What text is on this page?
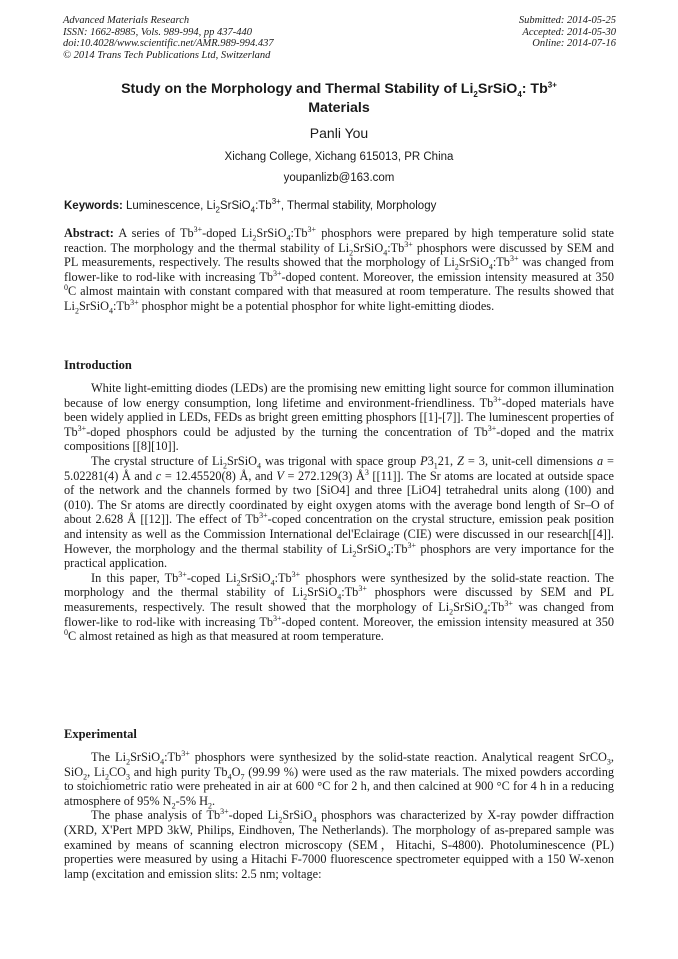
Advanced Materials Research
ISSN: 1662-8985, Vols. 989-994, pp 437-440
doi:10.4028/www.scientific.net/AMR.989-994.437
© 2014 Trans Tech Publications Ltd, Switzerland
Submitted: 2014-05-25
Accepted: 2014-05-30
Online: 2014-07-16
Study on the Morphology and Thermal Stability of $Li_2SrSiO_4$: $Tb^{3+}$
Materials
Panli You
Xichang College, Xichang 615013, PR China
youpanlizb@163.com
Keywords: Luminescence, $Li_2SrSiO_4:Tb^{3+}$, Thermal stability, Morphology

Abstract: A series of $Tb^{3+}$-doped $Li_2SrSiO_4:Tb^{3+}$ phosphors were prepared by high temperature solid state reaction. The morphology and the thermal stability of $Li_2SrSiO_4:Tb^{3+}$ phosphors were discussed by SEM and PL measurements, respectively. The results showed that the morphology of $Li_2SrSiO_4:Tb^{3+}$ was changed from flower-like to rod-like with increasing $Tb^{3+}$-doped content. Moreover, the emission intensity measured at 350 $^0$C almost maintain with constant compared with that measured at room temperature. The results showed that $Li_2SrSiO_4:Tb^{3+}$ phosphor might be a potential phosphor for white light-emitting diodes.

Introduction

White light-emitting diodes (LEDs) are the promising new emitting light source for common illumination because of low energy consumption, long lifetime and environment-friendliness. $Tb^{3+}$-doped materials have been widely applied in LEDs, FEDs as bright green emitting phosphors [[1]-[7]]. The luminescent properties of $Tb^{3+}$-doped phosphors could be adjusted by the turning the concentration of $Tb^{3+}$-doped and the matrix compositions [[8][10]].

The crystal structure of $Li_2SrSiO_4$ was trigonal with space group $P3_121$, Z = 3, unit-cell dimensions a = 5.02281(4) Å and c = 12.45520(8) Å, and V = 272.129(3) $Å^3$ [[11]]. The Sr atoms are located at outside space of the network and the channels formed by two [SiO4] and three [LiO4] tetrahedral units along (100) and (010). The Sr atoms are directly coordinated by eight oxygen atoms with the average bond length of Sr–O of about 2.628 Å [[12]]. The effect of $Tb^{3+}$-coped concentration on the crystal structure, emission peak position and intensity as well as the Commission International del'Eclairage (CIE) were discussed in our research[[4]]. However, the morphology and the thermal stability of $Li_2SrSiO_4:Tb^{3+}$ phosphors are very importance for the practical application.

In this paper, $Tb^{3+}$-coped $Li_2SrSiO_4:Tb^{3+}$ phosphors were synthesized by the solid-state reaction. The morphology and the thermal stability of $Li_2SrSiO_4:Tb^{3+}$ phosphors were discussed by SEM and PL measurements, respectively. The result showed that the morphology of $Li_2SrSiO_4:Tb^{3+}$ was changed from flower-like to rod-like with increasing $Tb^{3+}$-doped content. Moreover, the emission intensity measured at 350 $^0$C almost retained as high as that measured at room temperature.

Experimental

The $Li_2SrSiO_4:Tb^{3+}$ phosphors were synthesized by the solid-state reaction. Analytical reagent SrCO$_3$, SiO$_2$, $Li_2CO_3$ and high purity $Tb_4O_7$ (99.99 %) were used as the raw materials. The mixed powders according to stoichiometric ratio were preheated in air at 600 °C for 2 h, and then calcined at 900 °C for 4 h in a reducing atmosphere of 95% $N_2-5\%$ $H_2$.

The phase analysis of $Tb^{3+}$-doped $Li_2SrSiO_4$ phosphors was characterized by X-ray powder diffraction (XRD, X'Pert MPD 3kW, Philips, Eindhoven, The Netherlands). The morphology of as-prepared sample was examined by means of scanning electron microscopy (SEM，Hitachi, S-4800). Photoluminescence (PL) properties were measured by using a Hitachi F-7000 fluorescence spectrometer equipped with a 150 W-xenon lamp (excitation and emission slits: 2.5 nm; voltage:
